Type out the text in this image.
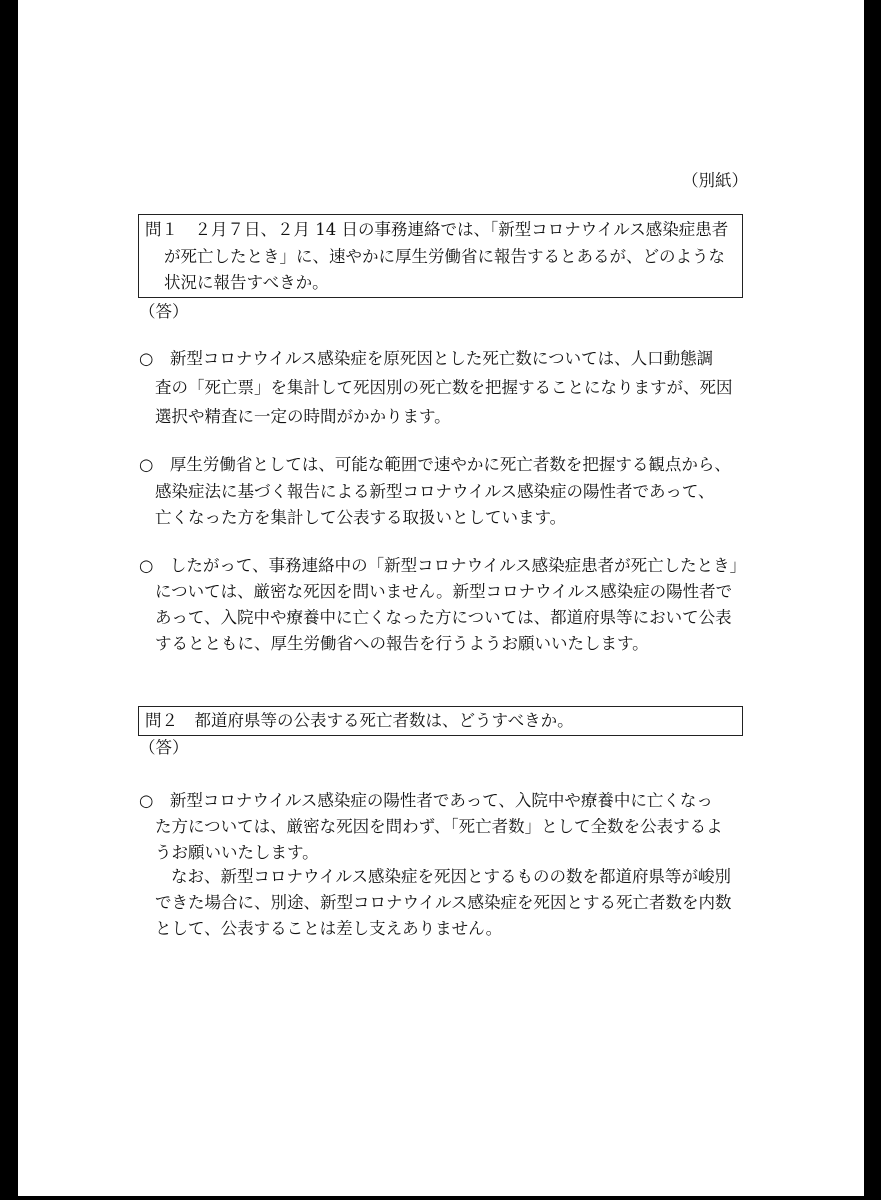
（別紙）
問１　２月７日、２月 14 日の事務連絡では、「新型コロナウイルス感染症患者
が死亡したとき」に、速やかに厚生労働省に報告するとあるが、どのような
状況に報告すべきか。
（答）
○　新型コロナウイルス感染症を原死因とした死亡数については、人口動態調
査の「死亡票」を集計して死因別の死亡数を把握することになりますが、死因
選択や精査に一定の時間がかかります。
○　厚生労働省としては、可能な範囲で速やかに死亡者数を把握する観点から、
感染症法に基づく報告による新型コロナウイルス感染症の陽性者であって、
亡くなった方を集計して公表する取扱いとしています。
○　したがって、事務連絡中の「新型コロナウイルス感染症患者が死亡したとき」
については、厳密な死因を問いません。新型コロナウイルス感染症の陽性者で
あって、入院中や療養中に亡くなった方については、都道府県等において公表
するとともに、厚生労働省への報告を行うようお願いいたします。
問２　都道府県等の公表する死亡者数は、どうすべきか。
（答）
○　新型コロナウイルス感染症の陽性者であって、入院中や療養中に亡くなっ
た方については、厳密な死因を問わず、「死亡者数」として全数を公表するよ
うお願いいたします。
なお、新型コロナウイルス感染症を死因とするものの数を都道府県等が峻別
できた場合に、別途、新型コロナウイルス感染症を死因とする死亡者数を内数
として、公表することは差し支えありません。
